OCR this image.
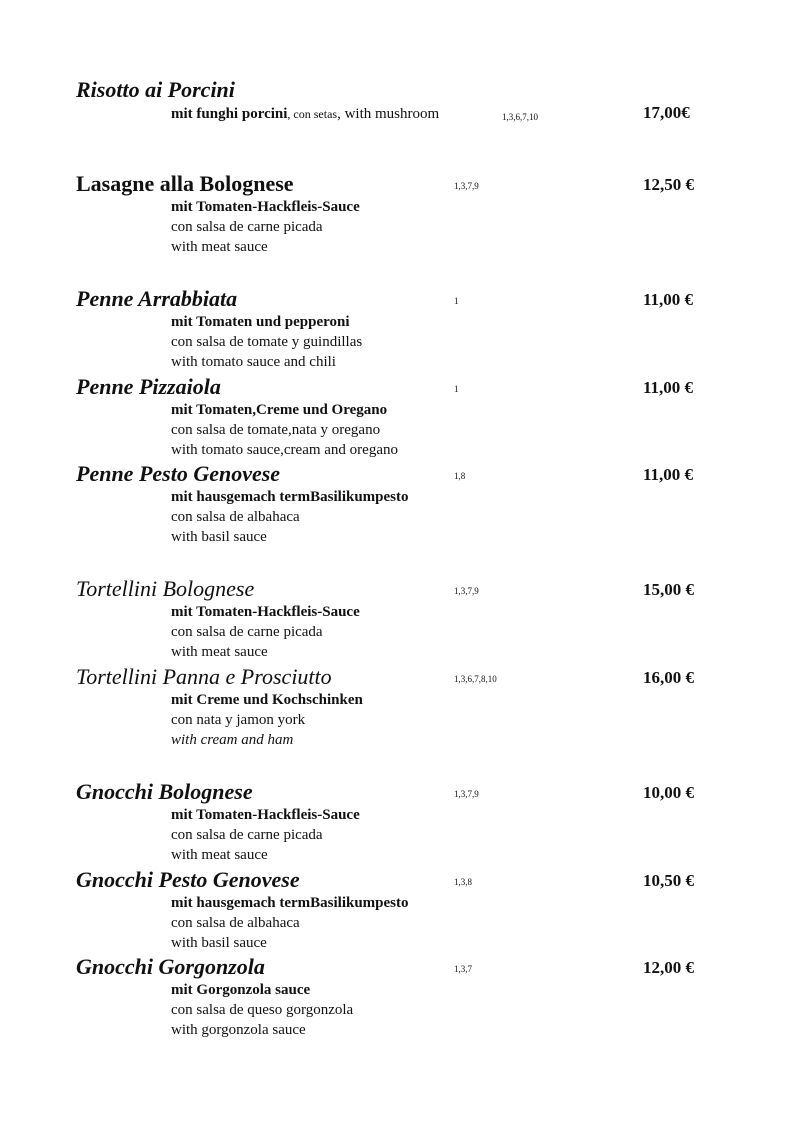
Risotto ai Porcini
mit funghi porcini, con setas, with mushroom	1,3,6,7,10	17,00€
Lasagne alla Bolognese	1,3,7,9	12,50 €
mit Tomaten-Hackfleis-Sauce
con salsa de carne picada
with meat sauce
Penne Arrabbiata	1	11,00 €
mit Tomaten und pepperoni
con salsa de tomate y guindillas
with tomato sauce and chili
Penne Pizzaiola	1	11,00 €
mit Tomaten,Creme und Oregano
con salsa de tomate,nata y oregano
with tomato sauce,cream and oregano
Penne Pesto Genovese	1,8	11,00 €
mit hausgemach termBasilikumpesto
con salsa de albahaca
with basil sauce
Tortellini Bolognese	1,3,7,9	15,00 €
mit Tomaten-Hackfleis-Sauce
con salsa de carne picada
with meat sauce
Tortellini Panna e Prosciutto	1,3,6,7,8,10	16,00 €
mit Creme und Kochschinken
con nata y jamon york
with cream and ham
Gnocchi Bolognese	1,3,7,9	10,00 €
mit Tomaten-Hackfleis-Sauce
con salsa de carne picada
with meat sauce
Gnocchi Pesto Genovese	1,3,8	10,50 €
mit hausgemach termBasilikumpesto
con salsa de albahaca
with basil sauce
Gnocchi Gorgonzola	1,3,7	12,00 €
mit Gorgonzola sauce
con salsa de queso gorgonzola
with gorgonzola sauce
